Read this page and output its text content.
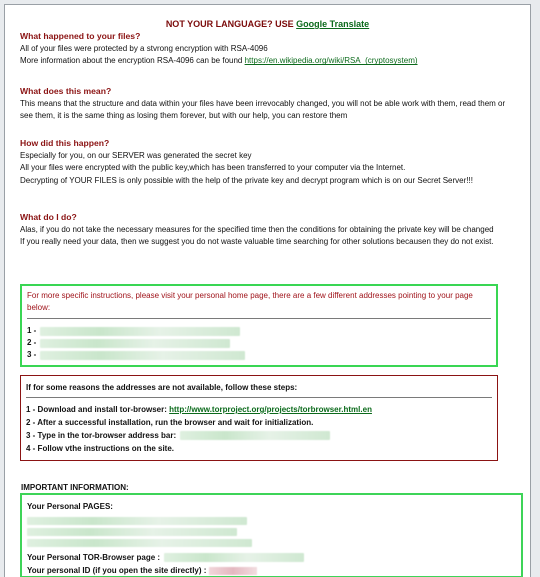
NOT YOUR LANGUAGE? USE Google Translate
What happened to your files?
All of your files were protected by a stvrong encryption with RSA-4096
More information about the encryption RSA-4096 can be found https://en.wikipedia.org/wiki/RSA_(cryptosystem)
What does this mean?
This means that the structure and data within your files have been irrevocably changed, you will not be able work with them, read them or see them, it is the same thing as losing them forever, but with our help, you can restore them
How did this happen?
Especially for you, on our SERVER was generated the secret key
All your files were encrypted with the public key,which has been transferred to your computer via the Internet.
Decrypting of YOUR FILES is only possible with the help of the private key and decrypt program which is on our Secret Server!!!
What do I do?
Alas, if you do not take the necessary measures for the specified time then the conditions for obtaining the private key will be changed
If you really need your data, then we suggest you do not waste valuable time searching for other solutions becausen they do not exist.
For more specific instructions, please visit your personal home page, there are a few different addresses pointing to your page below:
1 -
2 -
3 -
If for some reasons the addresses are not available, follow these steps:
1 - Download and install tor-browser: http://www.torproject.org/projects/torbrowser.html.en
2 - After a successful installation, run the browser and wait for initialization.
3 - Type in the tor-browser address bar:
4 - Follow vthe instructions on the site.
IMPORTANT INFORMATION:
Your Personal PAGES:
Your Personal TOR-Browser page :
Your personal ID (if you open the site directly) :
